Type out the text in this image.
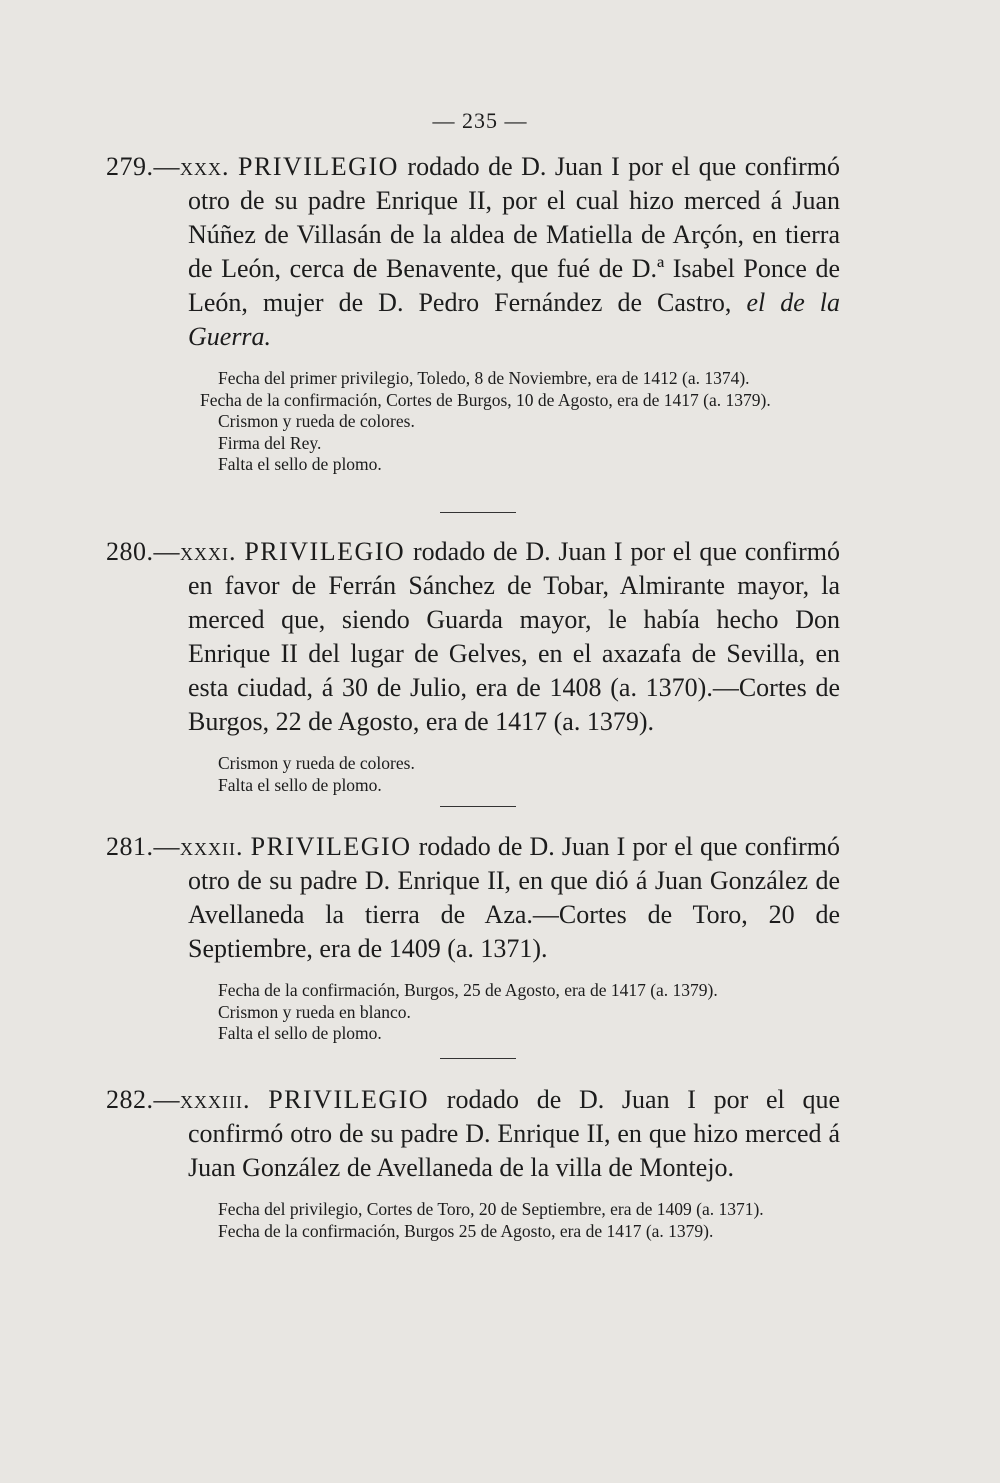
— 235 —

279.—xxx. PRIVILEGIO rodado de D. Juan I por el que confirmó otro de su padre Enrique II, por el cual hizo merced á Juan Núñez de Villasán de la aldea de Matiella de Arçón, en tierra de León, cerca de Benavente, que fué de D.ª Isabel Ponce de León, mujer de D. Pedro Fernández de Castro, el de la Guerra.

Fecha del primer privilegio, Toledo, 8 de Noviembre, era de 1412 (a. 1374).

Fecha de la confirmación, Cortes de Burgos, 10 de Agosto, era de 1417 (a. 1379).

Crismon y rueda de colores.

Firma del Rey.

Falta el sello de plomo.

280.—xxxi. PRIVILEGIO rodado de D. Juan I por el que confirmó en favor de Ferrán Sánchez de Tobar, Almirante mayor, la merced que, siendo Guarda mayor, le había hecho Don Enrique II del lugar de Gelves, en el axazafa de Sevilla, en esta ciudad, á 30 de Julio, era de 1408 (a. 1370).—Cortes de Burgos, 22 de Agosto, era de 1417 (a. 1379).

Crismon y rueda de colores.

Falta el sello de plomo.

281.—xxxii. PRIVILEGIO rodado de D. Juan I por el que confirmó otro de su padre D. Enrique II, en que dió á Juan González de Avellaneda la tierra de Aza.—Cortes de Toro, 20 de Septiembre, era de 1409 (a. 1371).

Fecha de la confirmación, Burgos, 25 de Agosto, era de 1417 (a. 1379).

Crismon y rueda en blanco.

Falta el sello de plomo.

282.—xxxiii. PRIVILEGIO rodado de D. Juan I por el que confirmó otro de su padre D. Enrique II, en que hizo merced á Juan González de Avellaneda de la villa de Montejo.

Fecha del privilegio, Cortes de Toro, 20 de Septiembre, era de 1409 (a. 1371).

Fecha de la confirmación, Burgos 25 de Agosto, era de 1417 (a. 1379).
